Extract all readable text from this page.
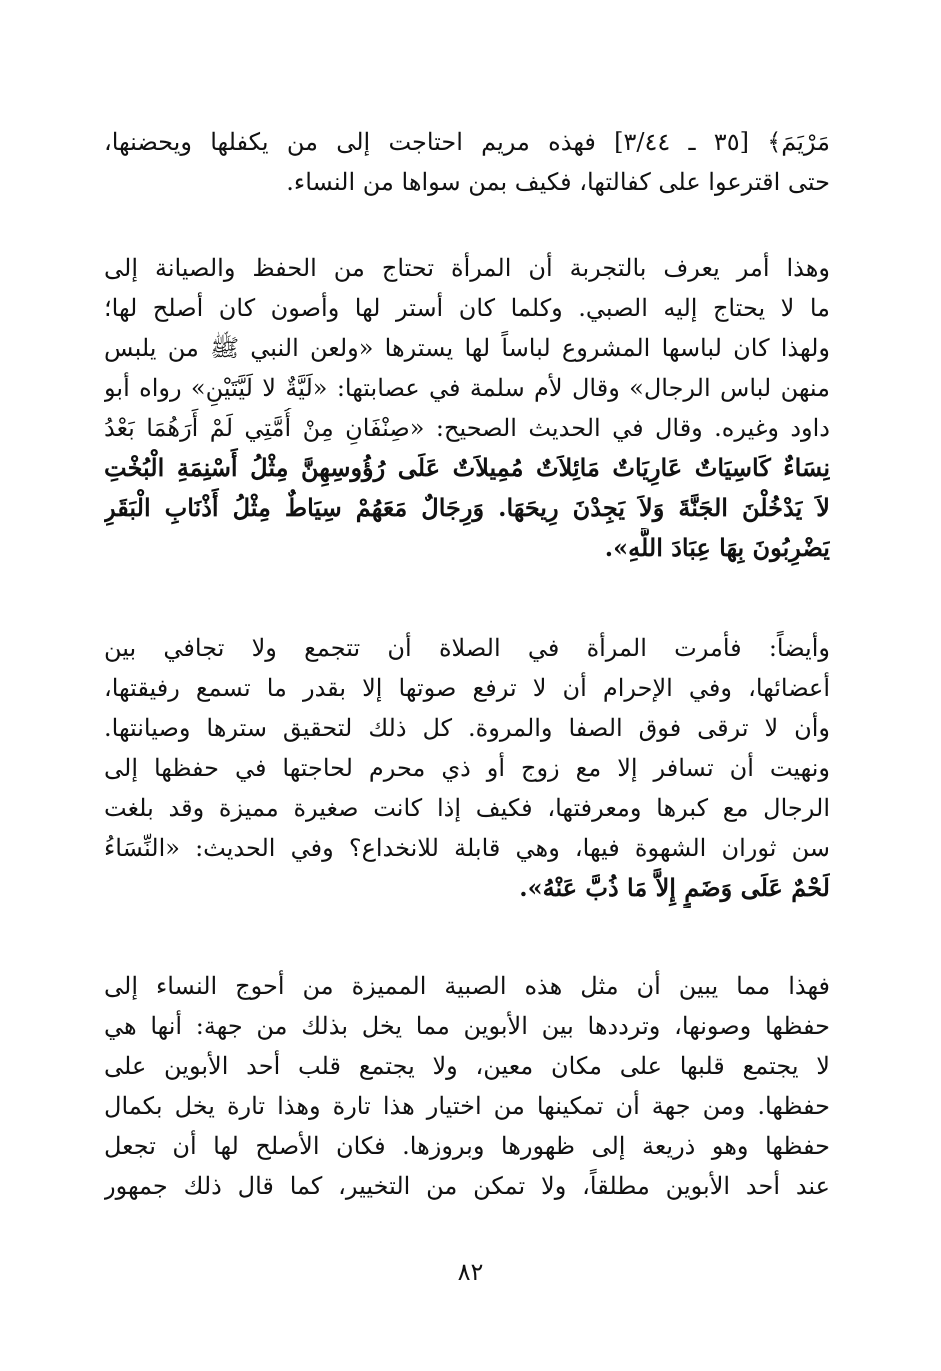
مَرْيَمَ﴾ [٣٥ ـ ٣/٤٤] فهذه مريم احتاجت إلى من يكفلها ويحضنها،
حتى اقترعوا على كفالتها، فكيف بمن سواها من النساء.
وهذا أمر يعرف بالتجربة أن المرأة تحتاج من الحفظ والصيانة إلى
ما لا يحتاج إليه الصبي. وكلما كان أستر لها وأصون كان أصلح لها؛
ولهذا كان لباسها المشروع لباساً لها يسترها «ولعن النبي ﷺ من يلبس
منهن لباس الرجال» وقال لأم سلمة في عصابتها: «لَيَّةٌ لا لَيَّتَيْنِ» رواه أبو
داود وغيره. وقال في الحديث الصحيح: «صِنْفَانِ مِنْ أُمَّتِي لَمْ أَرَهُمَا بَعْدُ
نِسَاءٌ كَاسِيَاتٌ عَارِيَاتٌ مَائِلاَتٌ مُمِيلاَتٌ عَلَى رُؤُوسِهِنَّ مِثْلُ أَسْنِمَةِ الْبُخْتِ
لاَ يَدْخُلْنَ الجَنَّةَ وَلاَ يَجِدْنَ رِيحَهَا. وَرِجَالٌ مَعَهُمْ سِيَاطٌ مِثْلُ أَذْنَابِ الْبَقَرِ
يَضْرِبُونَ بِهَا عِبَادَ اللَّهِ».
وأيضاً: فأمرت المرأة في الصلاة أن تتجمع ولا تجافي بين
أعضائها، وفي الإحرام أن لا ترفع صوتها إلا بقدر ما تسمع رفيقتها،
وأن لا ترقى فوق الصفا والمروة. كل ذلك لتحقيق سترها وصيانتها.
ونهيت أن تسافر إلا مع زوج أو ذي محرم لحاجتها في حفظها إلى
الرجال مع كبرها ومعرفتها، فكيف إذا كانت صغيرة مميزة وقد بلغت
سن ثوران الشهوة فيها، وهي قابلة للانخداع؟ وفي الحديث: «النِّسَاءُ
لَحْمٌ عَلَى وَضَمٍ إِلاَّ مَا ذُبَّ عَنْهُ».
فهذا مما يبين أن مثل هذه الصبية المميزة من أحوج النساء إلى
حفظها وصونها، وترددها بين الأبوين مما يخل بذلك من جهة: أنها هي
لا يجتمع قلبها على مكان معين، ولا يجتمع قلب أحد الأبوين على
حفظها. ومن جهة أن تمكينها من اختيار هذا تارة وهذا تارة يخل بكمال
حفظها وهو ذريعة إلى ظهورها وبروزها. فكان الأصلح لها أن تجعل
عند أحد الأبوين مطلقاً، ولا تمكن من التخيير، كما قال ذلك جمهور
٨٢
